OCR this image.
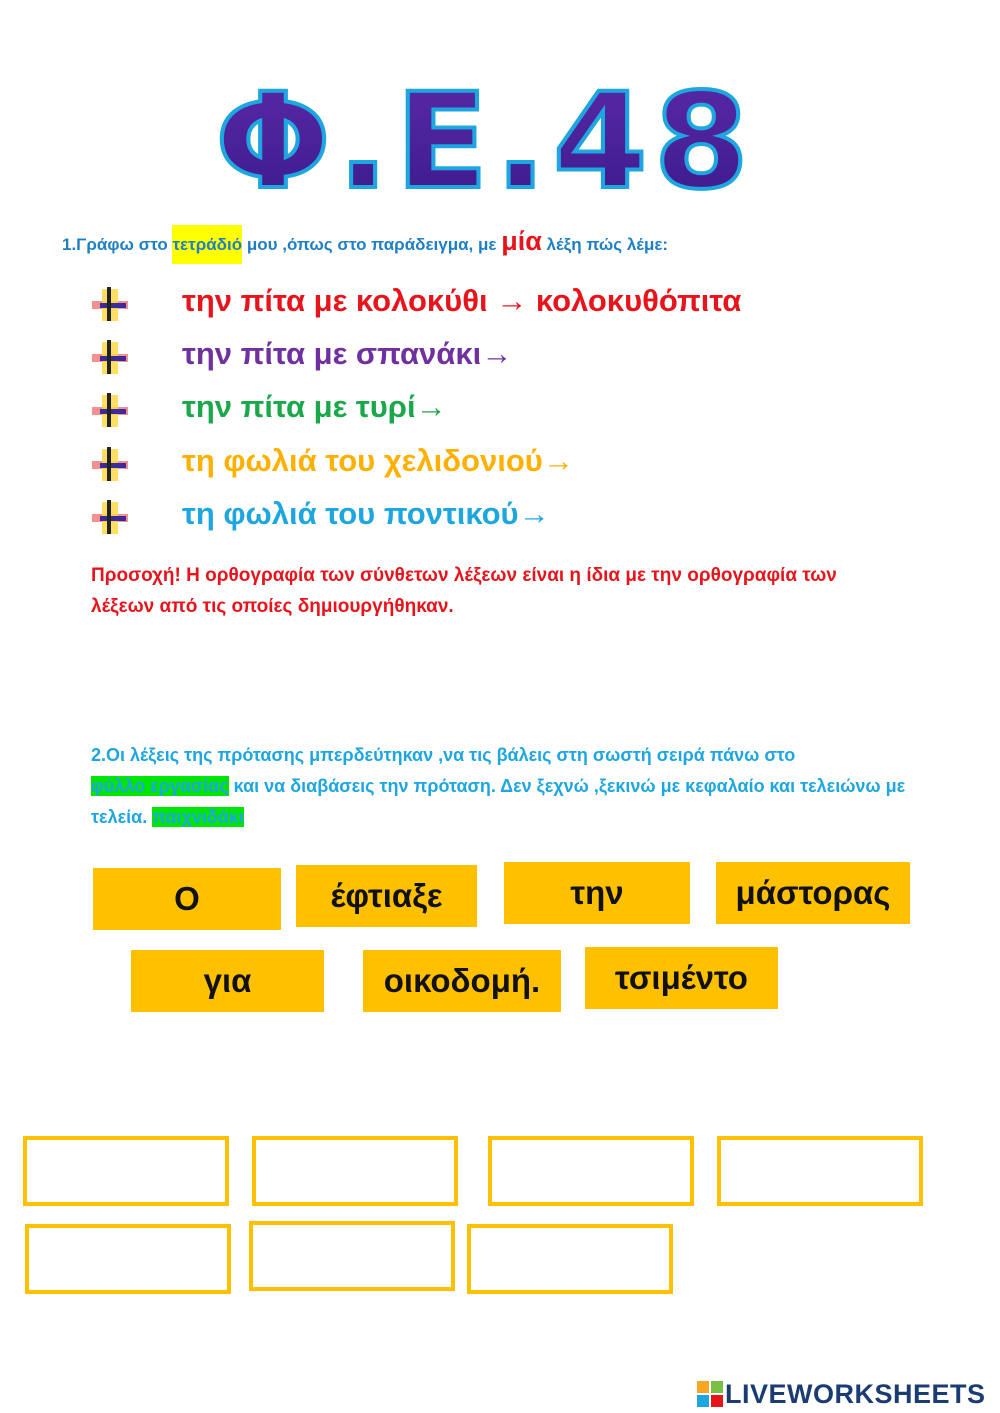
Φ.Ε.48
1.Γράφω στο τετράδιό μου ,όπως στο παράδειγμα, με μία λέξη πώς λέμε:
την πίτα με κολοκύθι → κολοκυθόπιτα
την πίτα με σπανάκι→
την πίτα με τυρί→
τη φωλιά του χελιδονιού→
τη φωλιά του ποντικού→
Προσοχή! Η ορθογραφία των σύνθετων λέξεων είναι η ίδια με την ορθογραφία των λέξεων από τις οποίες δημιουργήθηκαν.
2.Οι λέξεις της πρότασης μπερδεύτηκαν ,να τις βάλεις στη σωστή σειρά πάνω στο
φύλλο εργασίας και να διαβάσεις την πρόταση. Δεν ξεχνώ ,ξεκινώ με κεφαλαίο και τελειώνω με τελεία. παιχνιδάκι
Ο	έφτιαξε	την	μάστορας
για	οικοδομή. τσιμέντο
LIVEWORKSHEETS
